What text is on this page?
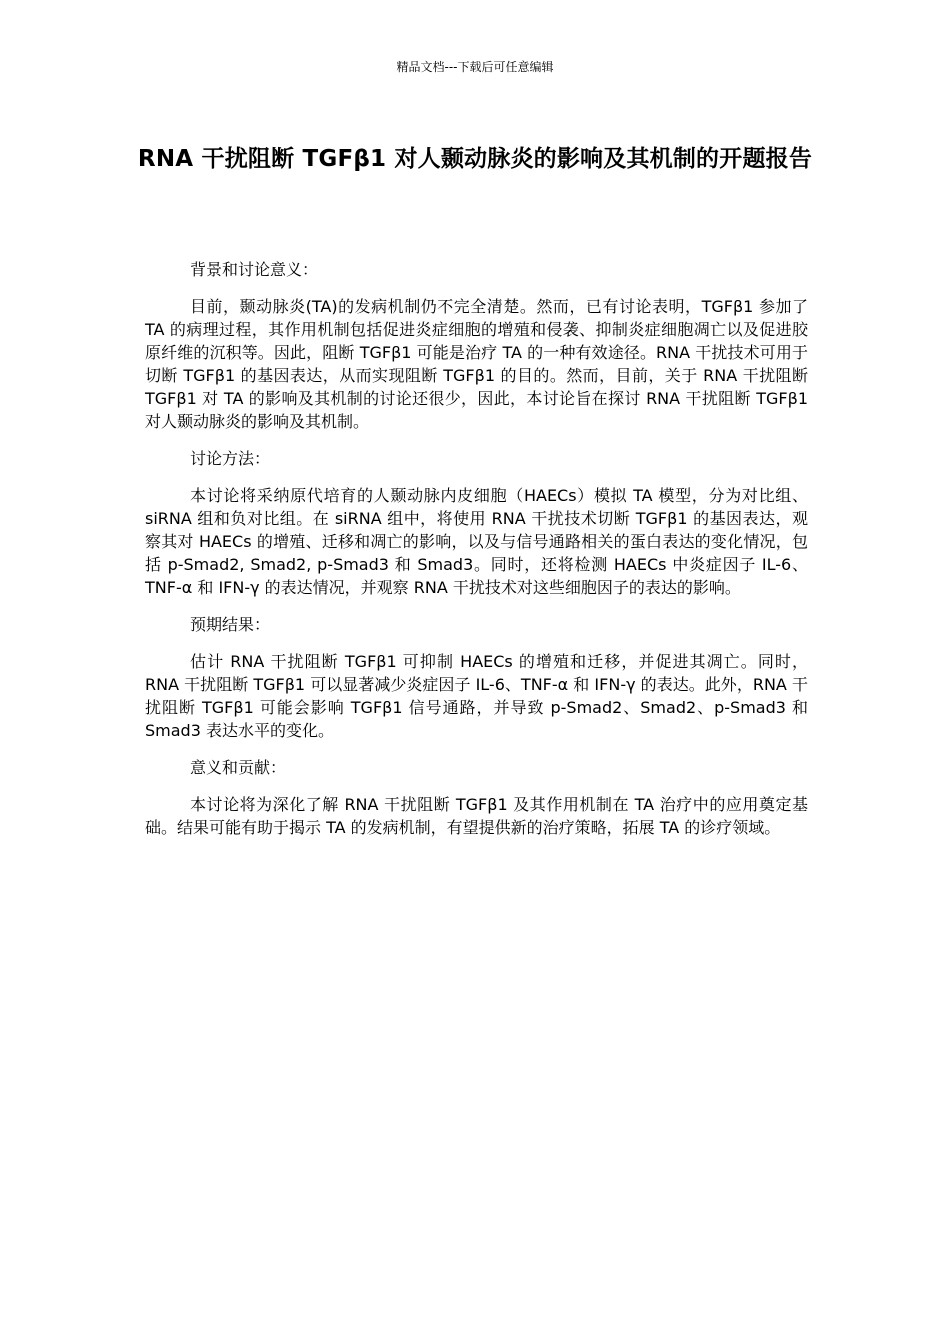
精品文档---下载后可任意编辑
RNA 干扰阻断 TGFβ1 对人颞动脉炎的影响及其机制的开题报告

背景和讨论意义：

目前，颞动脉炎(TA)的发病机制仍不完全清楚。然而，已有讨论表明，TGFβ1 参加了 TA 的病理过程，其作用机制包括促进炎症细胞的增殖和侵袭、抑制炎症细胞凋亡以及促进胶原纤维的沉积等。因此，阻断 TGFβ1 可能是治疗 TA 的一种有效途径。RNA 干扰技术可用于切断 TGFβ1 的基因表达，从而实现阻断 TGFβ1 的目的。然而，目前，关于 RNA 干扰阻断 TGFβ1 对 TA 的影响及其机制的讨论还很少，因此，本讨论旨在探讨 RNA 干扰阻断 TGFβ1 对人颞动脉炎的影响及其机制。

讨论方法：

本讨论将采纳原代培育的人颞动脉内皮细胞（HAECs）模拟 TA 模型，分为对比组、siRNA 组和负对比组。在 siRNA 组中，将使用 RNA 干扰技术切断 TGFβ1 的基因表达，观察其对 HAECs 的增殖、迁移和凋亡的影响，以及与信号通路相关的蛋白表达的变化情况，包括 p-Smad2, Smad2, p-Smad3 和 Smad3。同时，还将检测 HAECs 中炎症因子 IL-6、TNF-α 和 IFN-γ 的表达情况，并观察 RNA 干扰技术对这些细胞因子的表达的影响。

预期结果：

估计 RNA 干扰阻断 TGFβ1 可抑制 HAECs 的增殖和迁移，并促进其凋亡。同时，RNA 干扰阻断 TGFβ1 可以显著减少炎症因子 IL-6、TNF-α 和 IFN-γ 的表达。此外，RNA 干扰阻断 TGFβ1 可能会影响 TGFβ1 信号通路，并导致 p-Smad2、Smad2、p-Smad3 和 Smad3 表达水平的变化。

意义和贡献：

本讨论将为深化了解 RNA 干扰阻断 TGFβ1 及其作用机制在 TA 治疗中的应用奠定基础。结果可能有助于揭示 TA 的发病机制，有望提供新的治疗策略，拓展 TA 的诊疗领域。
